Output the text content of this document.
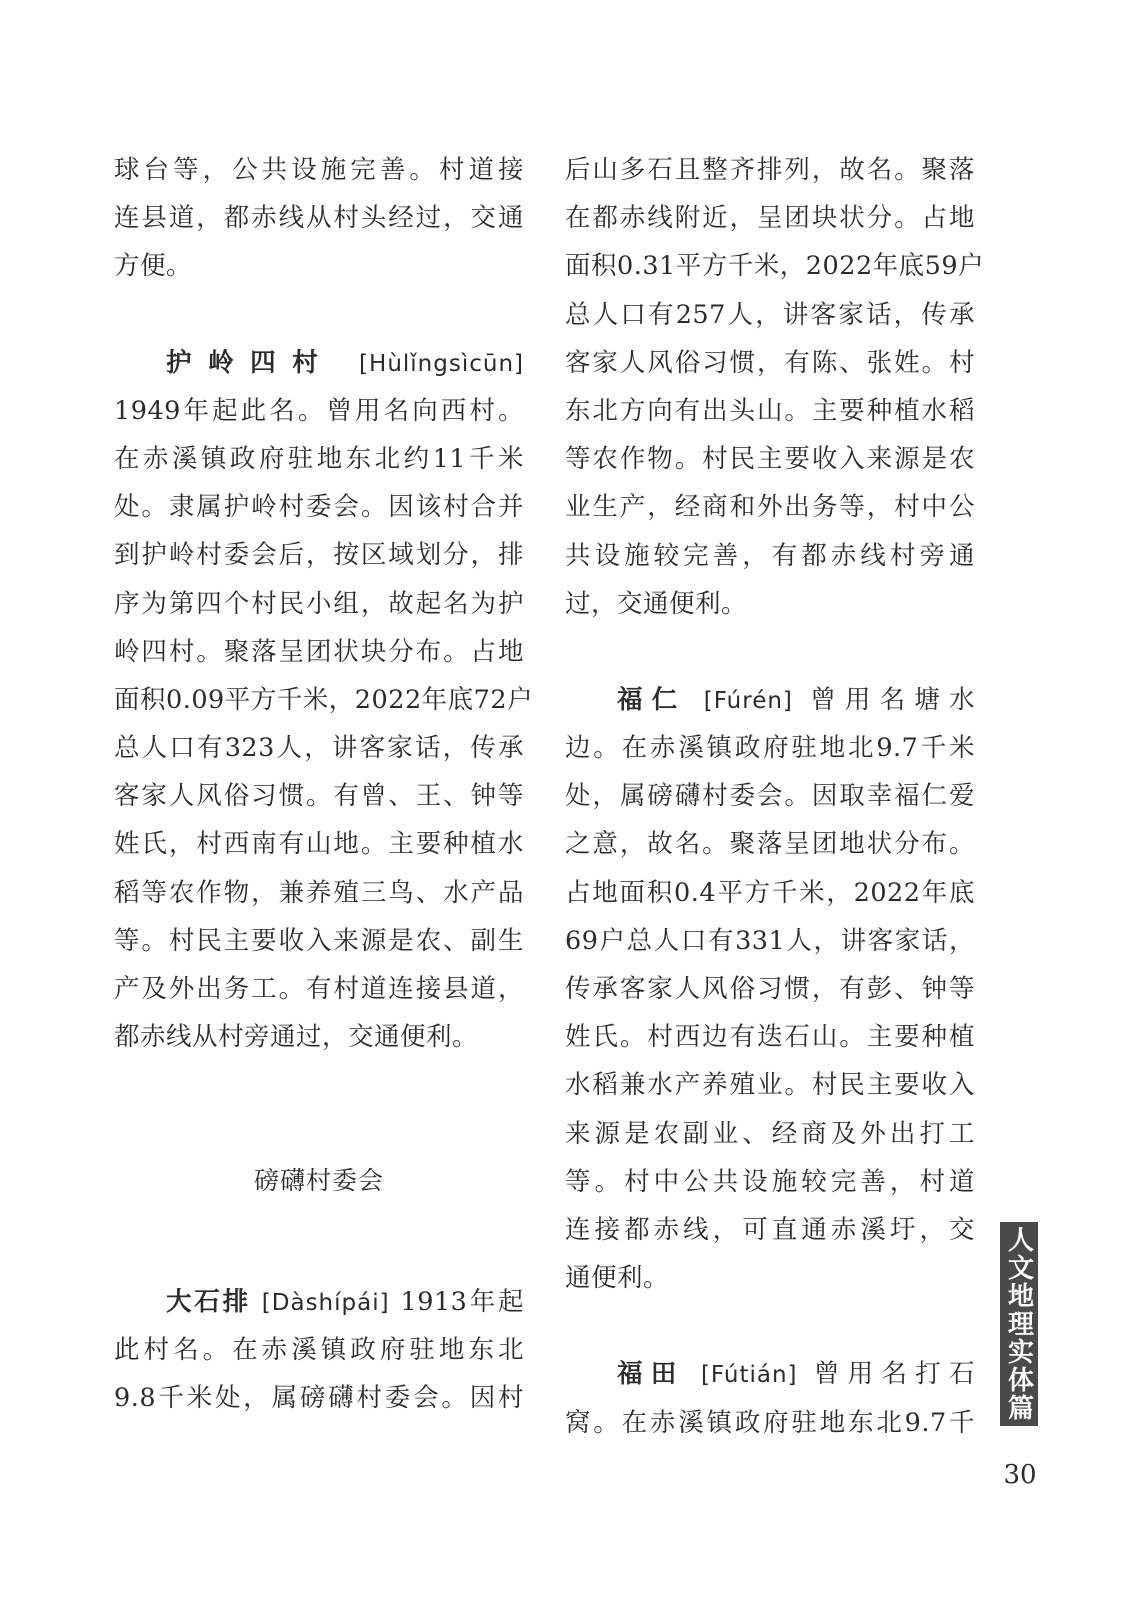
球台等，公共设施完善。村道接
连县道，都赤线从村头经过，交通
方便。
护岭四村 [Hùlǐngsìcūn]
1949年起此名。曾用名向西村。
在赤溪镇政府驻地东北约11千米
处。隶属护岭村委会。因该村合并
到护岭村委会后，按区域划分，排
序为第四个村民小组，故起名为护
岭四村。聚落呈团状块分布。占地
面积0.09平方千米，2022年底72户
总人口有323人，讲客家话，传承
客家人风俗习惯。有曾、王、钟等
姓氏，村西南有山地。主要种植水
稻等农作物，兼养殖三鸟、水产品
等。村民主要收入来源是农、副生
产及外出务工。有村道连接县道，
都赤线从村旁通过，交通便利。
磅礴村委会
大石排 [Dàshípái] 1913年起
此村名。在赤溪镇政府驻地东北
9.8千米处，属磅礴村委会。因村
后山多石且整齐排列，故名。聚落
在都赤线附近，呈团块状分。占地
面积0.31平方千米，2022年底59户
总人口有257人，讲客家话，传承
客家人风俗习惯，有陈、张姓。村
东北方向有出头山。主要种植水稻
等农作物。村民主要收入来源是农
业生产，经商和外出务等，村中公
共设施较完善，有都赤线村旁通
过，交通便利。
福仁 [Fúrén] 曾用名塘水
边。在赤溪镇政府驻地北9.7千米
处，属磅礴村委会。因取幸福仁爱
之意，故名。聚落呈团地状分布。
占地面积0.4平方千米，2022年底
69户总人口有331人，讲客家话，
传承客家人风俗习惯，有彭、钟等
姓氏。村西边有迭石山。主要种植
水稻兼水产养殖业。村民主要收入
来源是农副业、经商及外出打工
等。村中公共设施较完善，村道
连接都赤线，可直通赤溪圩，交
通便利。
福田 [Fútián] 曾用名打石
窝。在赤溪镇政府驻地东北9.7千
人文地理实体篇
30
